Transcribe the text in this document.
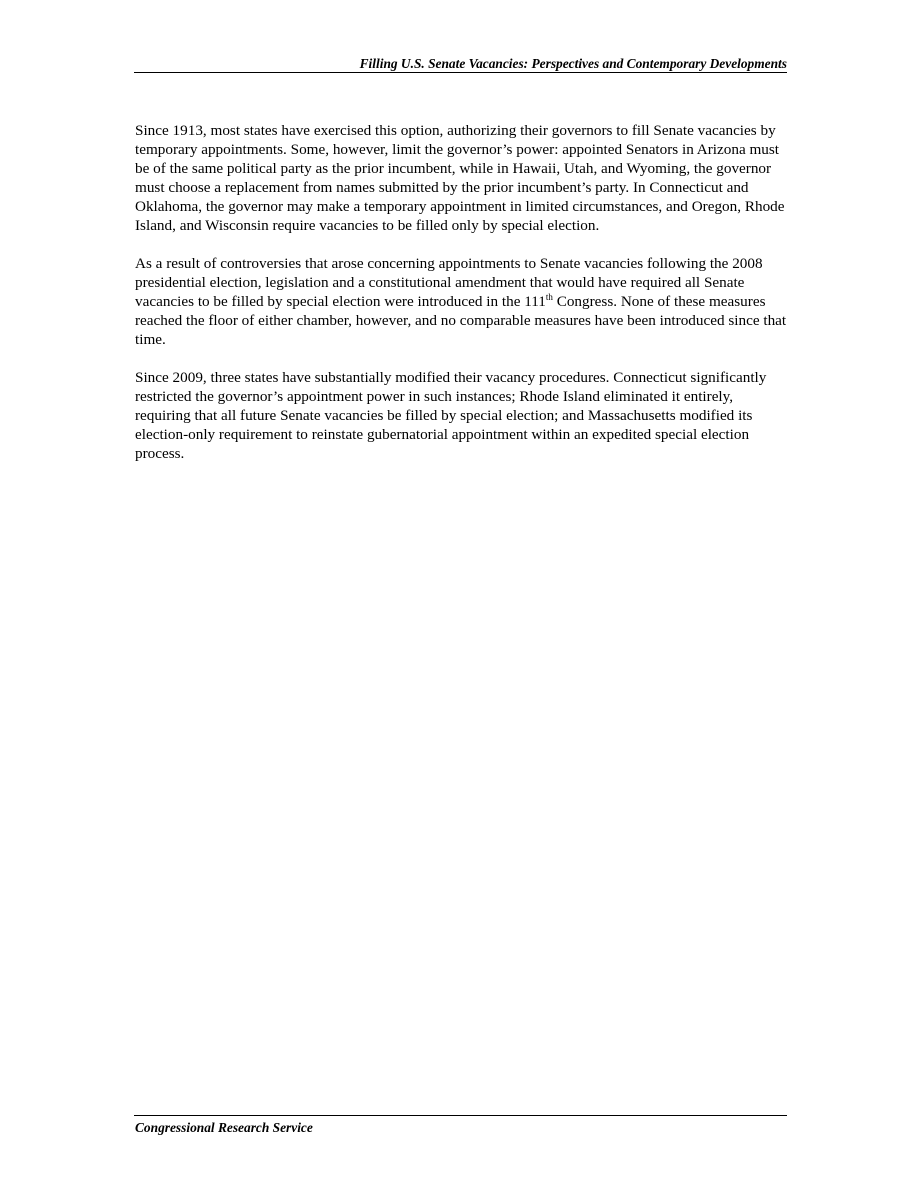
Filling U.S. Senate Vacancies: Perspectives and Contemporary Developments

Since 1913, most states have exercised this option, authorizing their governors to fill Senate vacancies by temporary appointments. Some, however, limit the governor’s power: appointed Senators in Arizona must be of the same political party as the prior incumbent, while in Hawaii, Utah, and Wyoming, the governor must choose a replacement from names submitted by the prior incumbent’s party. In Connecticut and Oklahoma, the governor may make a temporary appointment in limited circumstances, and Oregon, Rhode Island, and Wisconsin require vacancies to be filled only by special election.

As a result of controversies that arose concerning appointments to Senate vacancies following the 2008 presidential election, legislation and a constitutional amendment that would have required all Senate vacancies to be filled by special election were introduced in the 111th Congress. None of these measures reached the floor of either chamber, however, and no comparable measures have been introduced since that time.

Since 2009, three states have substantially modified their vacancy procedures. Connecticut significantly restricted the governor’s appointment power in such instances; Rhode Island eliminated it entirely, requiring that all future Senate vacancies be filled by special election; and Massachusetts modified its election-only requirement to reinstate gubernatorial appointment within an expedited special election process.

Congressional Research Service
